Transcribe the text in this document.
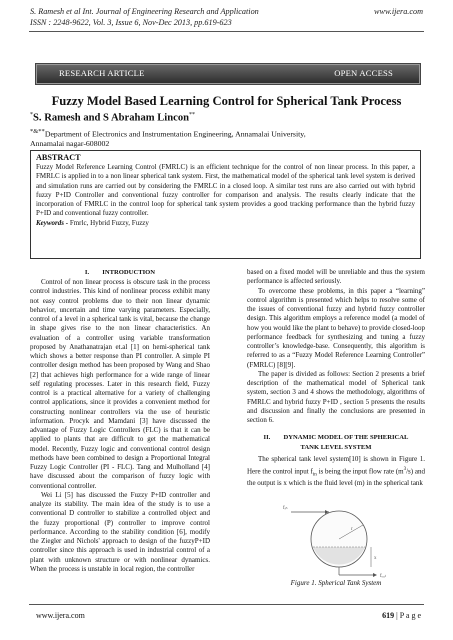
S. Ramesh et al Int. Journal of Engineering Research and Application
ISSN : 2248-9622, Vol. 3, Issue 6, Nov-Dec 2013, pp.619-623
www.ijera.com
RESEARCH ARTICLE	OPEN ACCESS
Fuzzy Model Based Learning Control for Spherical Tank Process
*S. Ramesh and S Abraham Lincon**
*&**Department of Electronics and Instrumentation Engineering, Annamalai University,
Annamalai nagar-608002
ABSTRACT

Fuzzy Model Reference Learning Control (FMRLC) is an efficient technique for the control of non linear process. In this paper, a FMRLC is applied in to a non linear spherical tank system. First, the mathematical model of the spherical tank level system is derived and simulation runs are carried out by considering the FMRLC in a closed loop. A similar test runs are also carried out with hybrid fuzzy P+ID Controller and conventional fuzzy controller for comparison and analysis. The results clearly indicate that the incorporation of FMRLC in the control loop for spherical tank system provides a good tracking performance than the hybrid fuzzy P+ID and conventional fuzzy controller.

Keywords - Fmrlc, Hybrid Fuzzy, Fuzzy

I.        INTRODUCTION

Control of non linear process is obscure task in the process control industries. This kind of nonlinear process exhibit many not easy control problems due to their non linear dynamic behavior, uncertain and time varying parameters. Especially, control of a level in a spherical tank is vital, because the change in shape gives rise to the non linear characteristics. An evaluation of a controller using variable transformation proposed by Anathanatrajan et.al [1] on hemi-spherical tank which shows a better response than PI controller. A simple PI controller design method has been proposed by Wang and Shao [2] that achieves high performance for a wide range of linear self regulating processes. Later in this research field, Fuzzy control is a practical alternative for a variety of challenging control applications, since it provides a convenient method for constructing nonlinear controllers via the use of heuristic information. Procyk and Mamdani [3] have discussed the advantage of Fuzzy Logic Controllers (FLC) is that it can be applied to plants that are difficult to get the mathematical model. Recently, Fuzzy logic and conventional control design methods have been combined to design a Proportional Integral Fuzzy Logic Controller (PI - FLC). Tang and Mulholland [4] have discussed about the comparison of fuzzy logic with conventional controller.

Wei Li [5] has discussed the Fuzzy P+ID controller and analyze its stability. The main idea of the study is to use a conventional D controller to stabilize a controlled object and the fuzzy proportional (P) controller to improve control performance. According to the stability condition [6], modify the Ziegler and Nichols' approach to design of the fuzzyP+ID controller since this approach is used in industrial control of a plant with unknown structure or with nonlinear dynamics. When the process is unstable in local region, the controller

based on a fixed model will be unreliable and thus the system performance is affected seriously.

To overcome these problems, in this paper a “learning” control algorithm is presented which helps to resolve some of the issues of conventional fuzzy and hybrid fuzzy controller design. This algorithm employs a reference model (a model of how you would like the plant to behave) to provide closed-loop performance feedback for synthesizing and tuning a fuzzy controller’s knowledge-base. Consequently, this algorithm is referred to as a “Fuzzy Model Reference Learning Controller” (FMRLC) [8][9].

The paper is divided as follows: Section 2 presents a brief description of the mathematical model of Spherical tank system, section 3 and 4 shows the methodology, algorithms of FMRLC and hybrid fuzzy P+ID , section 5 presents the results and discussion and finally the conclusions are presented in section 6.

II.        DYNAMIC MODEL OF THE SPHERICAL
TANK LEVEL SYSTEM

The spherical tank level system[10] is shown in Figure 1. Here the control input $f_{in}$ is being the input flow rate $(m^3/s)$ and the output is x which is the fluid level (m) in the spherical tank

fᵢₙ
r
x
fₒᵤₜ
Figure 1. Spherical Tank System
www.ijera.com	619 | P a g e
